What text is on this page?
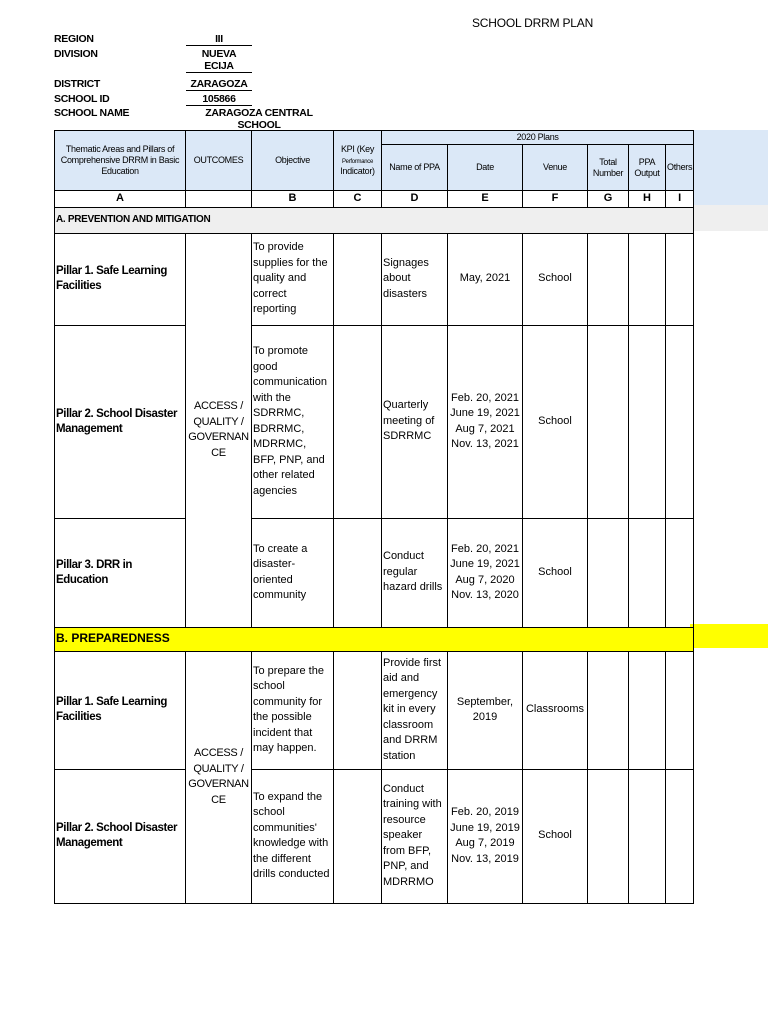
SCHOOL DRRM PLAN
REGION	III
DIVISION	NUEVA ECIJA
DISTRICT	ZARAGOZA
SCHOOL ID	105866
SCHOOL NAME	ZARAGOZA CENTRAL SCHOOL
Thematic Areas and Pillars of Comprehensive DRRM in Basic Education	OUTCOMES	Objective	KPI (Key
Performance
Indicator)	2020 Plans					
				Name of PPA	Date	Venue	Total Number	PPA Output	Others
A		B	C	D	E	F	G	H	I
A. PREVENTION AND MITIGATION									
Pillar 1. Safe Learning Facilities	ACCESS / QUALITY / GOVERNAN CE	To provide supplies for the quality and correct reporting		Signages about disasters	May, 2021	School			
Pillar 2. School Disaster Management		To promote good communication with the SDRRMC, BDRRMC, MDRRMC, BFP, PNP, and other related agencies		Quarterly meeting of SDRRMC	Feb. 20, 2021 June 19, 2021 Aug 7, 2021 Nov. 13, 2021	School			
Pillar 3. DRR in Education		To create a disaster-oriented community		Conduct regular hazard drills	Feb. 20, 2021 June 19, 2021 Aug 7, 2020 Nov. 13, 2020	School			
B. PREPAREDNESS									
Pillar 1. Safe Learning Facilities	ACCESS / QUALITY / GOVERNAN CE	To prepare the school community for the possible incident that may happen.		Provide first aid and emergency kit in every classroom and DRRM station	September, 2019	Classrooms			
Pillar 2. School Disaster Management		To expand the school communities' knowledge with the different drills conducted		Conduct training with resource speaker from BFP, PNP, and MDRRMO	Feb. 20, 2019 June 19, 2019 Aug 7, 2019 Nov. 13, 2019	School			
